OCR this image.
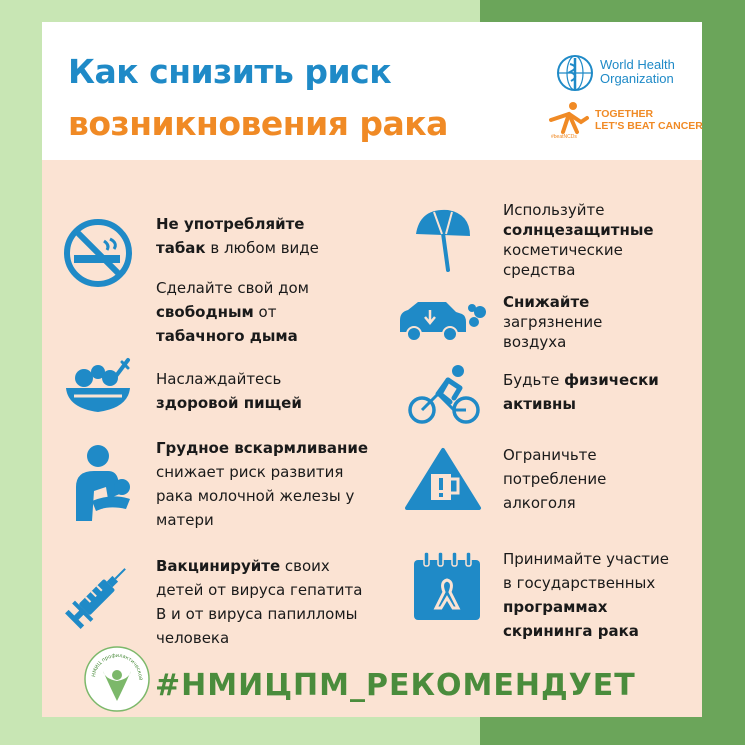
Как снизить риск
возникновения рака
World Health
Organization
TOGETHER
LET'S BEAT CANCER
#beatNCDs
Не употребляйте
табак в любом виде
Сделайте свой дом
свободным от
табачного дыма
Наслаждайтесь
здоровой пищей
Грудное вскармливание
снижает риск развития
рака молочной железы у
матери
Вакцинируйте своих
детей от вируса гепатита
В и от вируса папилломы
человека
Используйте
солнцезащитные
косметические
средства
Снижайте
загрязнение
воздуха
Будьте физически
активны
Ограничьте
потребление
алкоголя
Принимайте участие
в государственных
программах
скрининга рака
НМИЦ профилактической #НМИЦПМ_РЕКОМЕНДУЕТ
